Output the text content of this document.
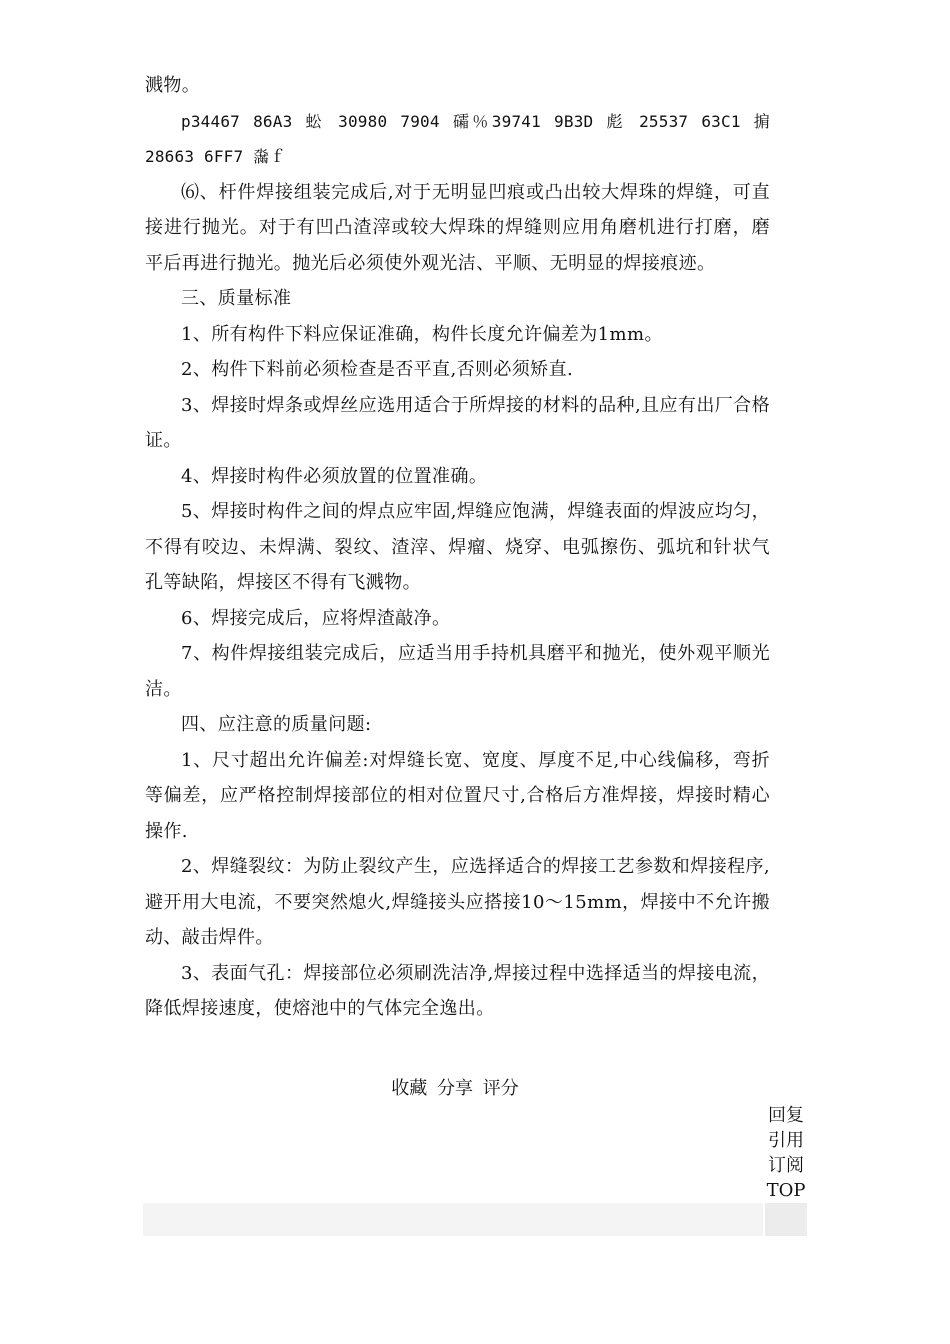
溅物。

p34467 86A3 蚣 30980 7904 礵％39741 9B3D 彪 25537 63C1 掮 28663 6FF7 濷ｆ

⑹、杆件焊接组装完成后,对于无明显凹痕或凸出较大焊珠的焊缝，可直接进行抛光。对于有凹凸渣滓或较大焊珠的焊缝则应用角磨机进行打磨，磨平后再进行抛光。抛光后必须使外观光洁、平顺、无明显的焊接痕迹。

三、质量标准

1、所有构件下料应保证准确，构件长度允许偏差为1mm。

2、构件下料前必须检查是否平直,否则必须矫直.

3、焊接时焊条或焊丝应选用适合于所焊接的材料的品种,且应有出厂合格证。

4、焊接时构件必须放置的位置准确。

5、焊接时构件之间的焊点应牢固,焊缝应饱满，焊缝表面的焊波应均匀，不得有咬边、未焊满、裂纹、渣滓、焊瘤、烧穿、电弧擦伤、弧坑和针状气孔等缺陷，焊接区不得有飞溅物。

6、焊接完成后，应将焊渣敲净。

7、构件焊接组装完成后，应适当用手持机具磨平和抛光，使外观平顺光洁。

四、应注意的质量问题:

1、尺寸超出允许偏差:对焊缝长宽、宽度、厚度不足,中心线偏移，弯折等偏差，应严格控制焊接部位的相对位置尺寸,合格后方准焊接，焊接时精心操作.

2、焊缝裂纹：为防止裂纹产生，应选择适合的焊接工艺参数和焊接程序,避开用大电流，不要突然熄火,焊缝接头应搭接10～15mm，焊接中不允许搬动、敲击焊件。

3、表面气孔：焊接部位必须刷洗洁净,焊接过程中选择适当的焊接电流，降低焊接速度，使熔池中的气体完全逸出。

收藏 分享 评分
回复
引用
订阅
TOP
